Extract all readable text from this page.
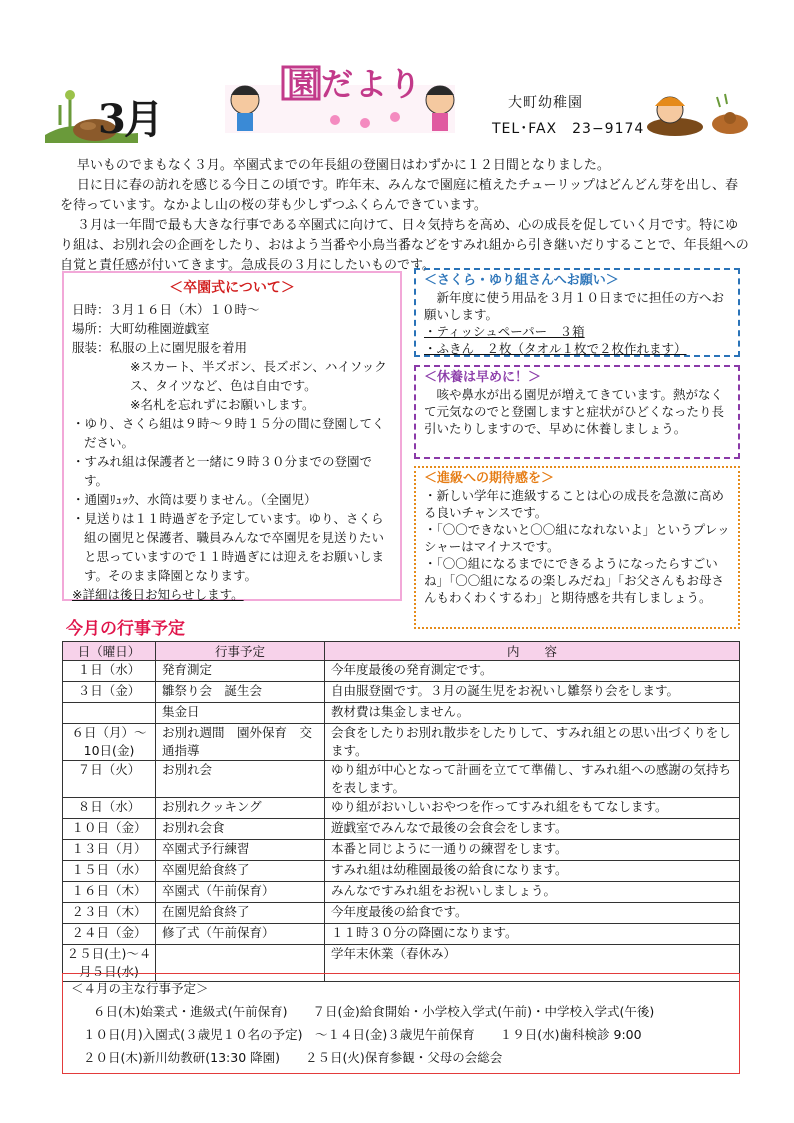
3月
園だより	大町幼稚園
TEL･FAX　23−9174

早いものでまもなく３月。卒園式までの年長組の登園日はわずかに１２日間となりました。

日に日に春の訪れを感じる今日この頃です。昨年末、みんなで園庭に植えたチューリップはどんどん芽を出し、春を待っています。なかよし山の桜の芽も少しずつふくらんできています。

３月は一年間で最も大きな行事である卒園式に向けて、日々気持ちを高め、心の成長を促していく月です。特にゆり組は、お別れ会の企画をしたり、おはよう当番や小鳥当番などをすみれ組から引き継いだりすることで、年長組への自覚と責任感が付いてきます。急成長の３月にしたいものです。

＜卒園式について＞

日時：３月１６日（木）１０時〜

場所：大町幼稚園遊戯室

服装：私服の上に園児服を着用

※スカート、半ズボン、長ズボン、ハイソックス、タイツなど、色は自由です。

※名札を忘れずにお願いします。

・ゆり、さくら組は９時〜９時１５分の間に登園してください。

・すみれ組は保護者と一緒に９時３０分までの登園です。

・通園ﾘｭｯｸ、水筒は要りません。（全園児）

・見送りは１１時過ぎを予定しています。ゆり、さくら組の園児と保護者、職員みんなで卒園児を見送りたいと思っていますので１１時過ぎには迎えをお願いします。そのまま降園となります。

※詳細は後日お知らせします。

＜さくら・ゆり組さんへお願い＞

新年度に使う用品を３月１０日までに担任の方へお願いします。

・ティッシュペーパー　３箱

・ふきん　２枚（タオル１枚で２枚作れます）

＜休養は早めに！＞

咳や鼻水が出る園児が増えてきています。熱がなくて元気なのでと登園しますと症状がひどくなったり長引いたりしますので、早めに休養しましょう。

＜進級への期待感を＞

・新しい学年に進級することは心の成長を急激に高める良いチャンスです。

・「〇〇できないと〇〇組になれないよ」というプレッシャーはマイナスです。

・「〇〇組になるまでにできるようになったらすごいね」「〇〇組になるの楽しみだね」「お父さんもお母さんもわくわくするわ」と期待感を共有しましょう。

今月の行事予定
日（曜日）	行事予定	内　　容
１日（水）	発育測定	今年度最後の発育測定です。
３日（金）	雛祭り会　誕生会	自由服登園です。３月の誕生児をお祝いし雛祭り会をします。
	集金日	教材費は集金しません。
６日（月）〜10日(金)	お別れ週間　園外保育　交通指導	会食をしたりお別れ散歩をしたりして、すみれ組との思い出づくりをします。
７日（火）	お別れ会	ゆり組が中心となって計画を立てて準備し、すみれ組への感謝の気持ちを表します。
８日（水）	お別れクッキング	ゆり組がおいしいおやつを作ってすみれ組をもてなします。
１０日（金）	お別れ会食	遊戯室でみんなで最後の会食会をします。
１３日（月）	卒園式予行練習	本番と同じように一通りの練習をします。
１５日（水）	卒園児給食終了	すみれ組は幼稚園最後の給食になります。
１６日（木）	卒園式（午前保育）	みんなですみれ組をお祝いしましょう。
２３日（木）	在園児給食終了	今年度最後の給食です。
２４日（金）	修了式（午前保育）	１１時３０分の降園になります。
２５日(土)〜４月５日(水)		学年末休業（春休み）

＜４月の主な行事予定＞

６日(木)始業式・進級式(午前保育)　　７日(金)給食開始・小学校入学式(午前)・中学校入学式(午後)

１０日(月)入園式(３歳児１０名の予定)　〜１４日(金)３歳児午前保育　　１９日(水)歯科検診 9:00

２０日(木)新川幼教研(13:30 降園)　　２５日(火)保育参観・父母の会総会
